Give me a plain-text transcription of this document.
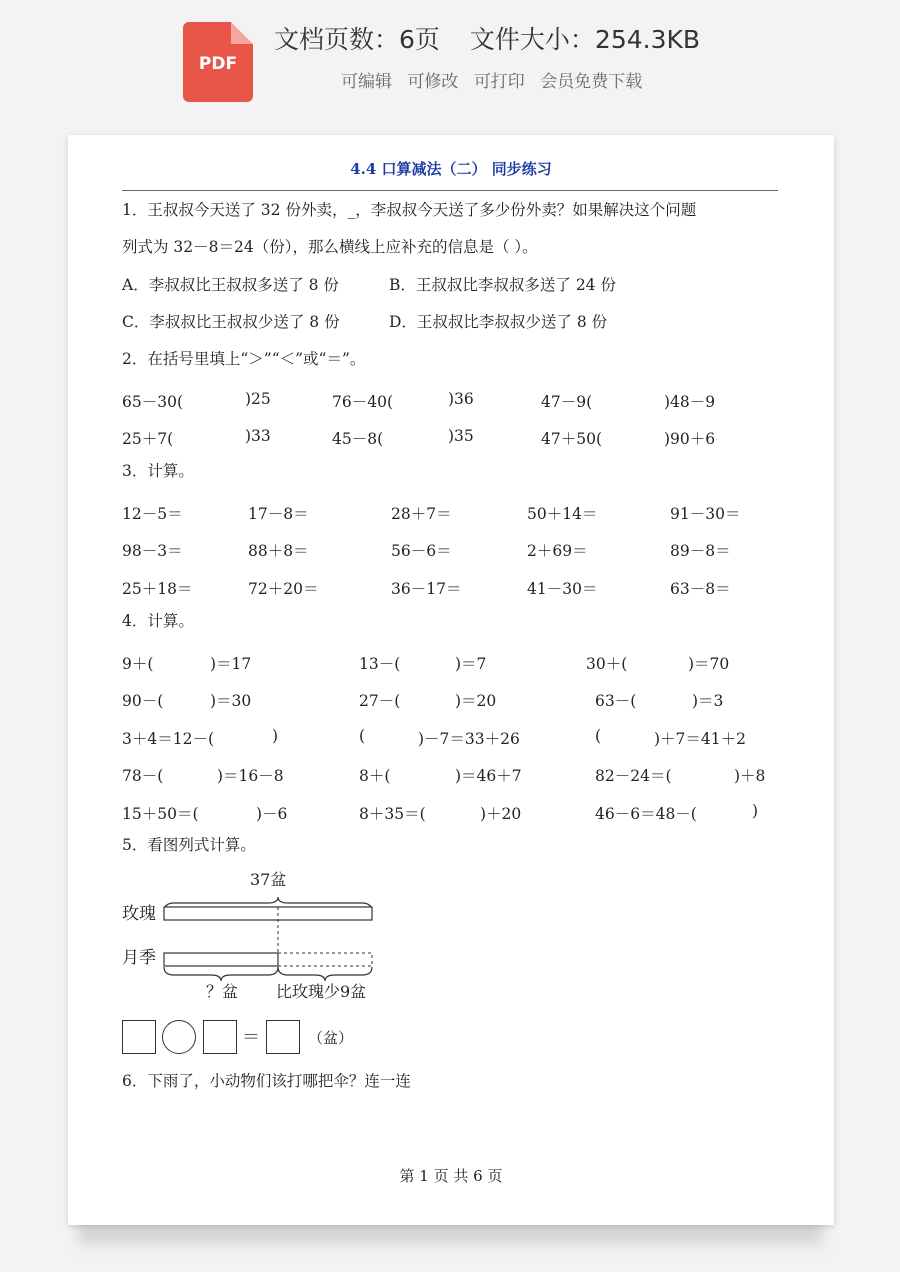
PDF
文档页数：6页 文件大小：254.3KB
可编辑 可修改 可打印 会员免费下载
4.4 口算减法（二） 同步练习
1．王叔叔今天送了 32 份外卖，_，李叔叔今天送了多少份外卖？如果解决这个问题
列式为 32－8＝24（份），那么横线上应补充的信息是（ ）。
A．李叔叔比王叔叔多送了 8 份	B．王叔叔比李叔叔多送了 24 份
C．李叔叔比王叔叔少送了 8 份	D．王叔叔比李叔叔少送了 8 份
2．在括号里填上“＞”“＜”或“＝”。
65－30(	)25	76－40(	)36	47－9(	)48－9
25＋7(	)33	45－8(	)35	47＋50(	)90＋6
3．计算。
12－5＝	17－8＝	28＋7＝	50＋14＝	91－30＝
98－3＝	88＋8＝	56－6＝	2＋69＝	89－8＝
25＋18＝	72＋20＝	36－17＝	41－30＝	63－8＝
4．计算。
9＋(	)＝17	13－(	)＝7	30＋(	)＝70
90－(	)＝30	27－(	)＝20	63－(	)＝3
3＋4＝12－(	)	(	)－7＝33＋26	(	)＋7＝41＋2
78－(	)＝16－8	8＋(	)＝46＋7	82－24＝(	)＋8
15＋50＝(	)－6	8＋35＝(	)＋20	46－6＝48－(	)
5．看图列式计算。
37盆
玫瑰
月季
？盆 比玫瑰少9盆
＝	（盆）
6．下雨了，小动物们该打哪把伞？连一连
第 1 页 共 6 页
